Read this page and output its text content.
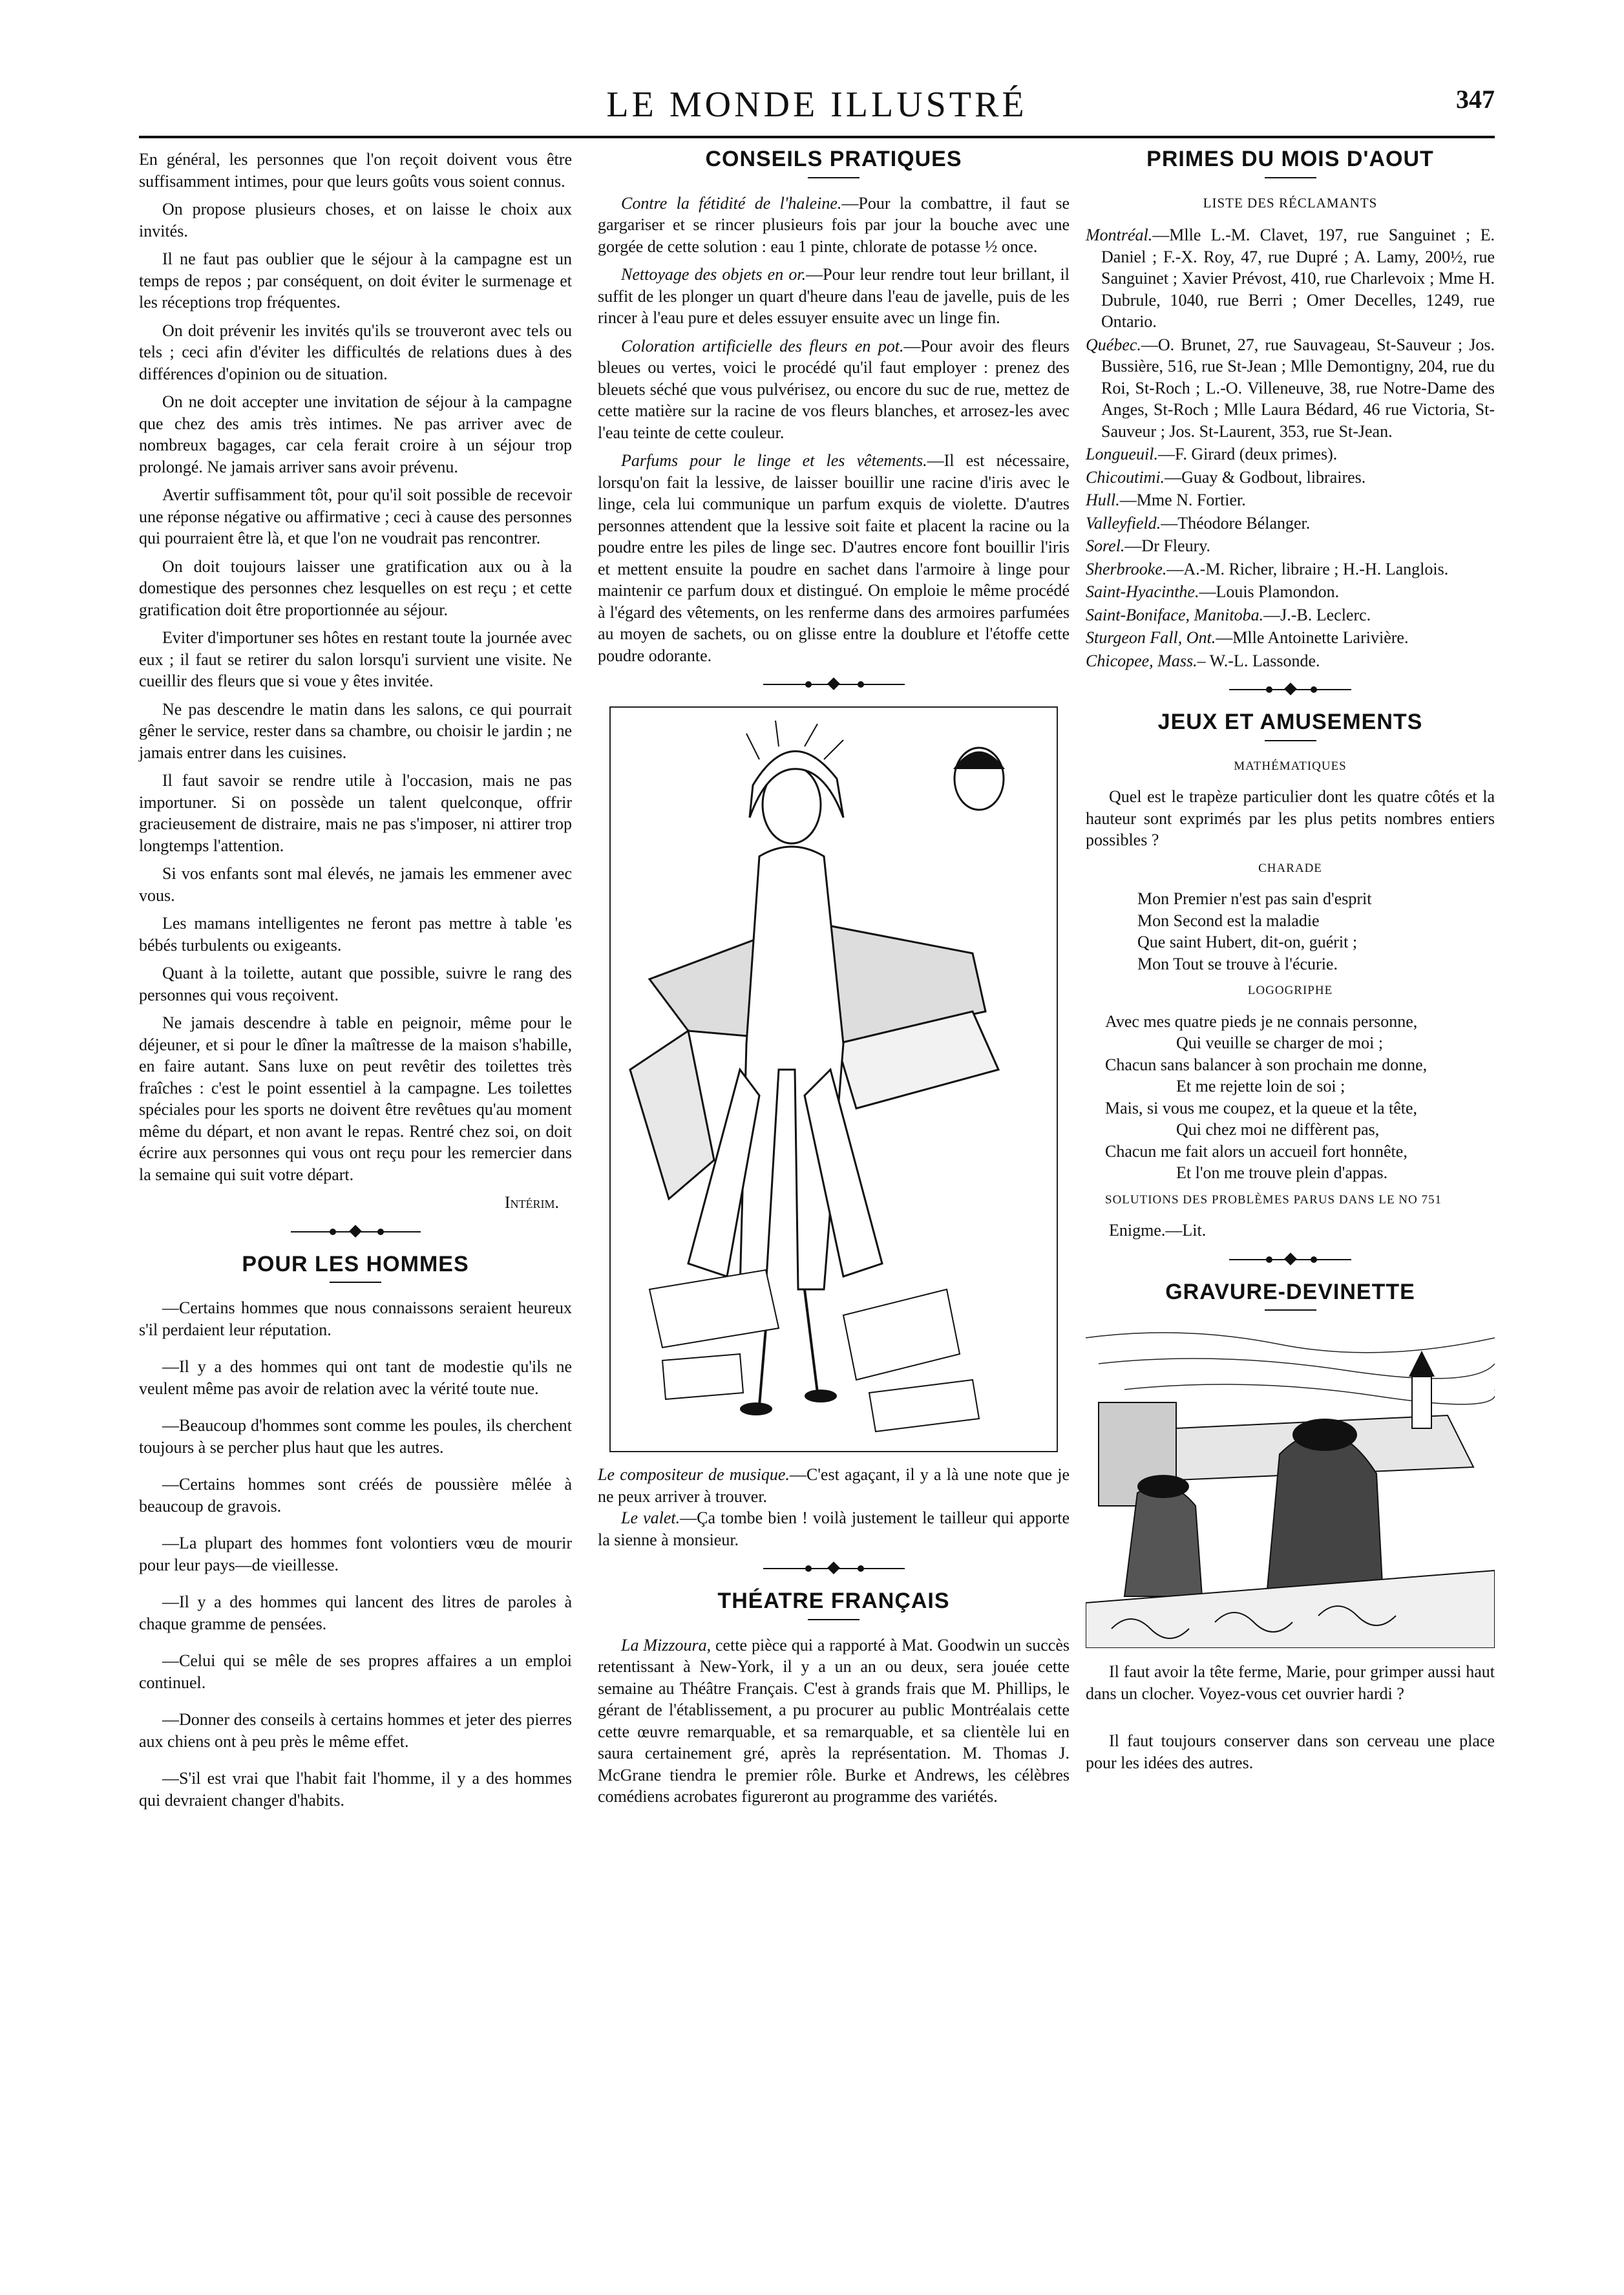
LE MONDE ILLUSTRÉ	347

En général, les personnes que l'on reçoit doivent vous être suffisamment intimes, pour que leurs goûts vous soient connus.

On propose plusieurs choses, et on laisse le choix aux invités.

Il ne faut pas oublier que le séjour à la campagne est un temps de repos ; par conséquent, on doit éviter le surmenage et les réceptions trop fréquentes.

On doit prévenir les invités qu'ils se trouveront avec tels ou tels ; ceci afin d'éviter les difficultés de relations dues à des différences d'opinion ou de situation.

On ne doit accepter une invitation de séjour à la campagne que chez des amis très intimes. Ne pas arriver avec de nombreux bagages, car cela ferait croire à un séjour trop prolongé. Ne jamais arriver sans avoir prévenu.

Avertir suffisamment tôt, pour qu'il soit possible de recevoir une réponse négative ou affirmative ; ceci à cause des personnes qui pourraient être là, et que l'on ne voudrait pas rencontrer.

On doit toujours laisser une gratification aux ou à la domestique des personnes chez lesquelles on est reçu ; et cette gratification doit être proportionnée au séjour.

Eviter d'importuner ses hôtes en restant toute la journée avec eux ; il faut se retirer du salon lorsqu'i survient une visite. Ne cueillir des fleurs que si voue y êtes invitée.

Ne pas descendre le matin dans les salons, ce qui pourrait gêner le service, rester dans sa chambre, ou choisir le jardin ; ne jamais entrer dans les cuisines.

Il faut savoir se rendre utile à l'occasion, mais ne pas importuner. Si on possède un talent quelconque, offrir gracieusement de distraire, mais ne pas s'imposer, ni attirer trop longtemps l'attention.

Si vos enfants sont mal élevés, ne jamais les emmener avec vous.

Les mamans intelligentes ne feront pas mettre à table 'es bébés turbulents ou exigeants.

Quant à la toilette, autant que possible, suivre le rang des personnes qui vous reçoivent.

Ne jamais descendre à table en peignoir, même pour le déjeuner, et si pour le dîner la maîtresse de la maison s'habille, en faire autant. Sans luxe on peut revêtir des toilettes très fraîches : c'est le point essentiel à la campagne. Les toilettes spéciales pour les sports ne doivent être revêtues qu'au moment même du départ, et non avant le repas. Rentré chez soi, on doit écrire aux personnes qui vous ont reçu pour les remercier dans la semaine qui suit votre départ.

Intérim.
POUR LES HOMMES

—Certains hommes que nous connaissons seraient heureux s'il perdaient leur réputation.

—Il y a des hommes qui ont tant de modestie qu'ils ne veulent même pas avoir de relation avec la vérité toute nue.

—Beaucoup d'hommes sont comme les poules, ils cherchent toujours à se percher plus haut que les autres.

—Certains hommes sont créés de poussière mêlée à beaucoup de gravois.

—La plupart des hommes font volontiers vœu de mourir pour leur pays—de vieillesse.

—Il y a des hommes qui lancent des litres de paroles à chaque gramme de pensées.

—Celui qui se mêle de ses propres affaires a un emploi continuel.

—Donner des conseils à certains hommes et jeter des pierres aux chiens ont à peu près le même effet.

—S'il est vrai que l'habit fait l'homme, il y a des hommes qui devraient changer d'habits.

CONSEILS PRATIQUES

Contre la fétidité de l'haleine.—Pour la combattre, il faut se gargariser et se rincer plusieurs fois par jour la bouche avec une gorgée de cette solution : eau 1 pinte, chlorate de potasse ½ once.

Nettoyage des objets en or.—Pour leur rendre tout leur brillant, il suffit de les plonger un quart d'heure dans l'eau de javelle, puis de les rincer à l'eau pure et deles essuyer ensuite avec un linge fin.

Coloration artificielle des fleurs en pot.—Pour avoir des fleurs bleues ou vertes, voici le procédé qu'il faut employer : prenez des bleuets séché que vous pulvérisez, ou encore du suc de rue, mettez de cette matière sur la racine de vos fleurs blanches, et arrosez-les avec l'eau teinte de cette couleur.

Parfums pour le linge et les vêtements.—Il est nécessaire, lorsqu'on fait la lessive, de laisser bouillir une racine d'iris avec le linge, cela lui communique un parfum exquis de violette. D'autres personnes attendent que la lessive soit faite et placent la racine ou la poudre entre les piles de linge sec. D'autres encore font bouillir l'iris et mettent ensuite la poudre en sachet dans l'armoire à linge pour maintenir ce parfum doux et distingué. On emploie le même procédé à l'égard des vêtements, on les renferme dans des armoires parfumées au moyen de sachets, ou on glisse entre la doublure et l'étoffe cette poudre odorante.

Le compositeur de musique.—C'est agaçant, il y a là une note que je ne peux arriver à trouver.

Le valet.—Ça tombe bien ! voilà justement le tailleur qui apporte la sienne à monsieur.

THÉATRE FRANÇAIS

La Mizzoura, cette pièce qui a rapporté à Mat. Goodwin un succès retentissant à New-York, il y a un an ou deux, sera jouée cette semaine au Théâtre Français. C'est à grands frais que M. Phillips, le gérant de l'établissement, a pu procurer au public Montréalais cette cette œuvre remarquable, et sa remarquable, et sa clientèle lui en saura certainement gré, après la représentation. M. Thomas J. McGrane tiendra le premier rôle. Burke et Andrews, les célèbres comédiens acrobates figureront au programme des variétés.

PRIMES DU MOIS D'AOUT
LISTE DES RÉCLAMANTS

Montréal.—Mlle L.-M. Clavet, 197, rue Sanguinet ; E. Daniel ; F.-X. Roy, 47, rue Dupré ; A. Lamy, 200½, rue Sanguinet ; Xavier Prévost, 410, rue Charlevoix ; Mme H. Dubrule, 1040, rue Berri ; Omer Decelles, 1249, rue Ontario.

Québec.—O. Brunet, 27, rue Sauvageau, St-Sauveur ; Jos. Bussière, 516, rue St-Jean ; Mlle Demontigny, 204, rue du Roi, St-Roch ; L.-O. Villeneuve, 38, rue Notre-Dame des Anges, St-Roch ; Mlle Laura Bédard, 46 rue Victoria, St-Sauveur ; Jos. St-Laurent, 353, rue St-Jean.

Longueuil.—F. Girard (deux primes).

Chicoutimi.—Guay & Godbout, libraires.

Hull.—Mme N. Fortier.

Valleyfield.—Théodore Bélanger.

Sorel.—Dr Fleury.

Sherbrooke.—A.-M. Richer, libraire ; H.-H. Langlois.

Saint-Hyacinthe.—Louis Plamondon.

Saint-Boniface, Manitoba.—J.-B. Leclerc.

Sturgeon Fall, Ont.—Mlle Antoinette Larivière.

Chicopee, Mass.– W.-L. Lassonde.

JEUX ET AMUSEMENTS
MATHÉMATIQUES

Quel est le trapèze particulier dont les quatre côtés et la hauteur sont exprimés par les plus petits nombres entiers possibles ?

CHARADE
Mon Premier n'est pas sain d'esprit
Mon Second est la maladie
Que saint Hubert, dit-on, guérit ;
Mon Tout se trouve à l'écurie.
LOGOGRIPHE
Avec mes quatre pieds je ne connais personne,
Qui veuille se charger de moi ;
Chacun sans balancer à son prochain me donne,
Et me rejette loin de soi ;
Mais, si vous me coupez, et la queue et la tête,
Qui chez moi ne diffèrent pas,
Chacun me fait alors un accueil fort honnête,
Et l'on me trouve plein d'appas.
SOLUTIONS DES PROBLÈMES PARUS DANS LE NO 751

Enigme.—Lit.

GRAVURE-DEVINETTE

Il faut avoir la tête ferme, Marie, pour grimper aussi haut dans un clocher. Voyez-vous cet ouvrier hardi ?

Il faut toujours conserver dans son cerveau une place pour les idées des autres.
